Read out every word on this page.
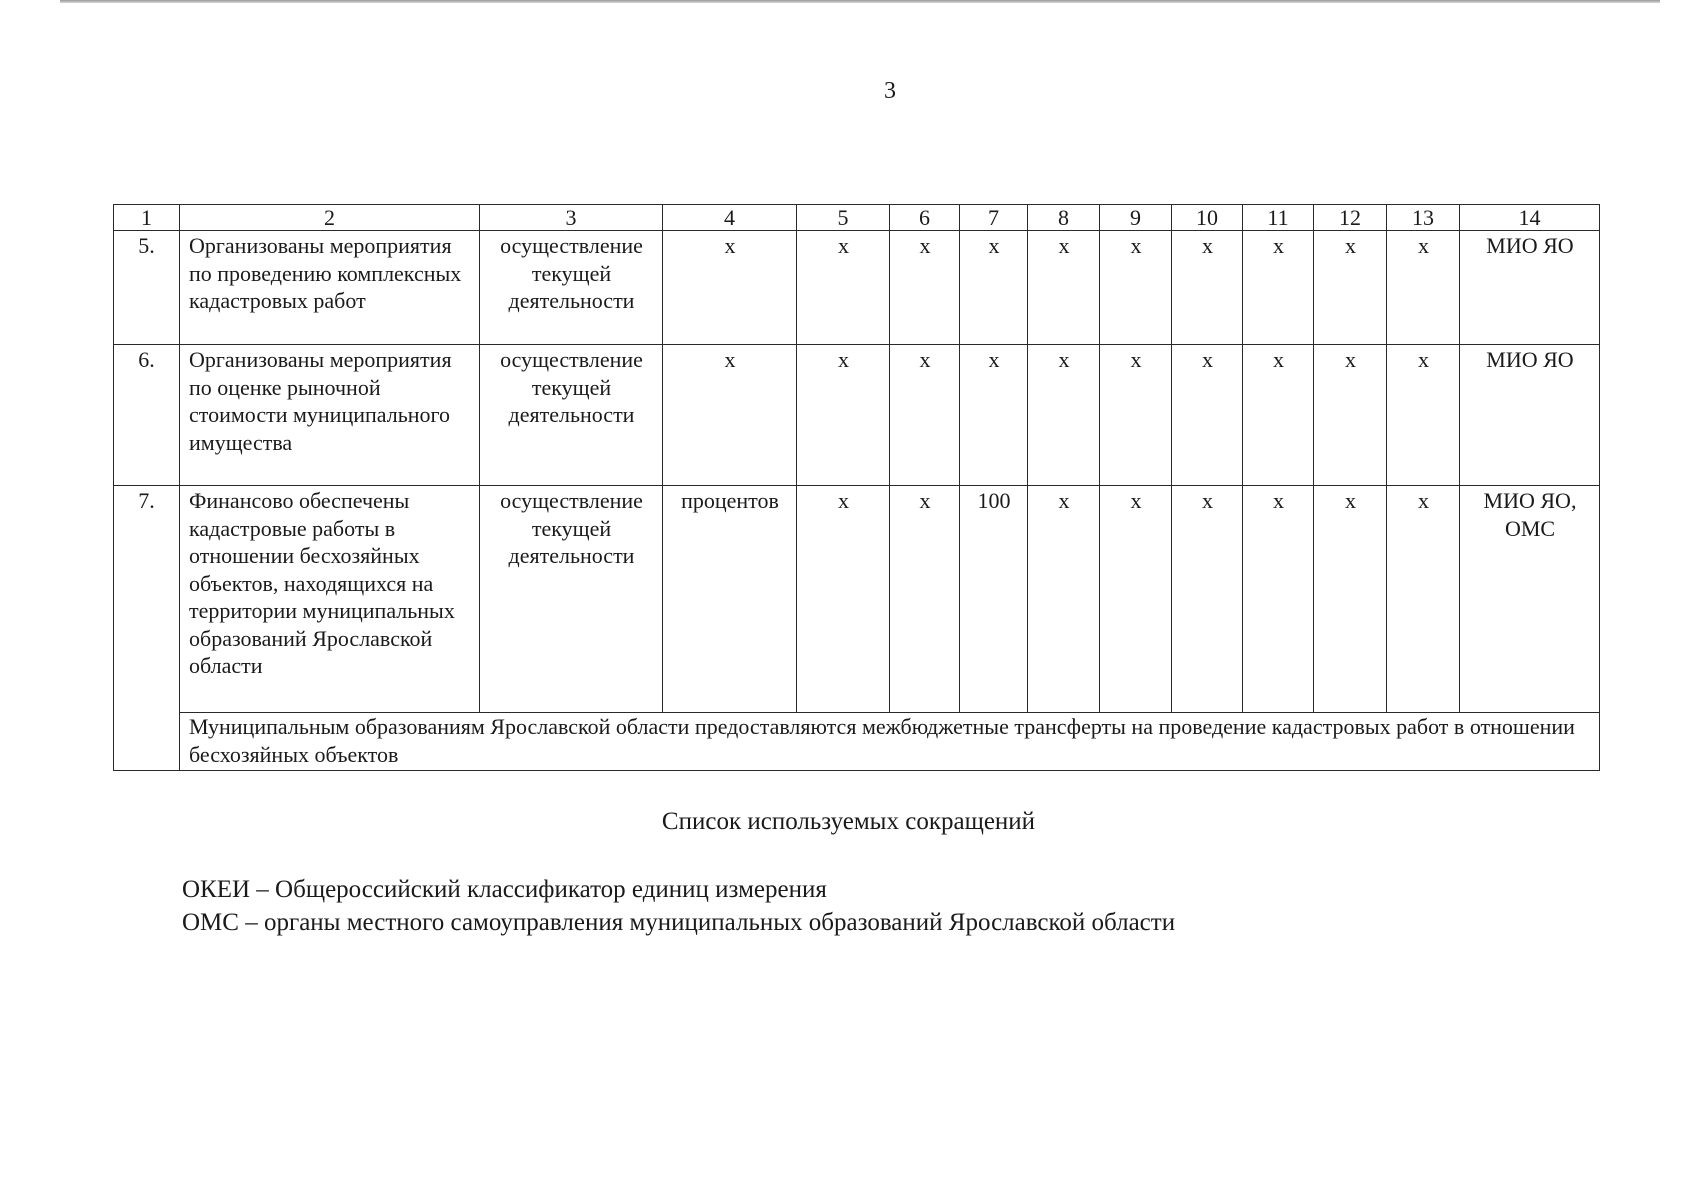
3
1	2	3	4	5	6	7	8	9	10	11	12	13	14
5.	Организованы мероприятия по проведению комплексных кадастровых работ	осуществление текущей деятельности	х	х	х	х	х	х	х	х	х	х	МИО ЯО
6.	Организованы мероприятия по оценке рыночной стоимости муниципального имущества	осуществление текущей деятельности	х	х	х	х	х	х	х	х	х	х	МИО ЯО
7.	Финансово обеспечены кадастровые работы в отношении бесхозяйных объектов, находящихся на территории муниципальных образований Ярославской области	осуществление текущей деятельности	процентов	х	х	100	х	х	х	х	х	х	МИО ЯО, ОМС
	Муниципальным образованиям Ярославской области предоставляются межбюджетные трансферты на проведение кадастровых работ в отношении бесхозяйных объектов												
Список используемых сокращений
ОКЕИ – Общероссийский классификатор единиц измерения
ОМС – органы местного самоуправления муниципальных образований Ярославской области
